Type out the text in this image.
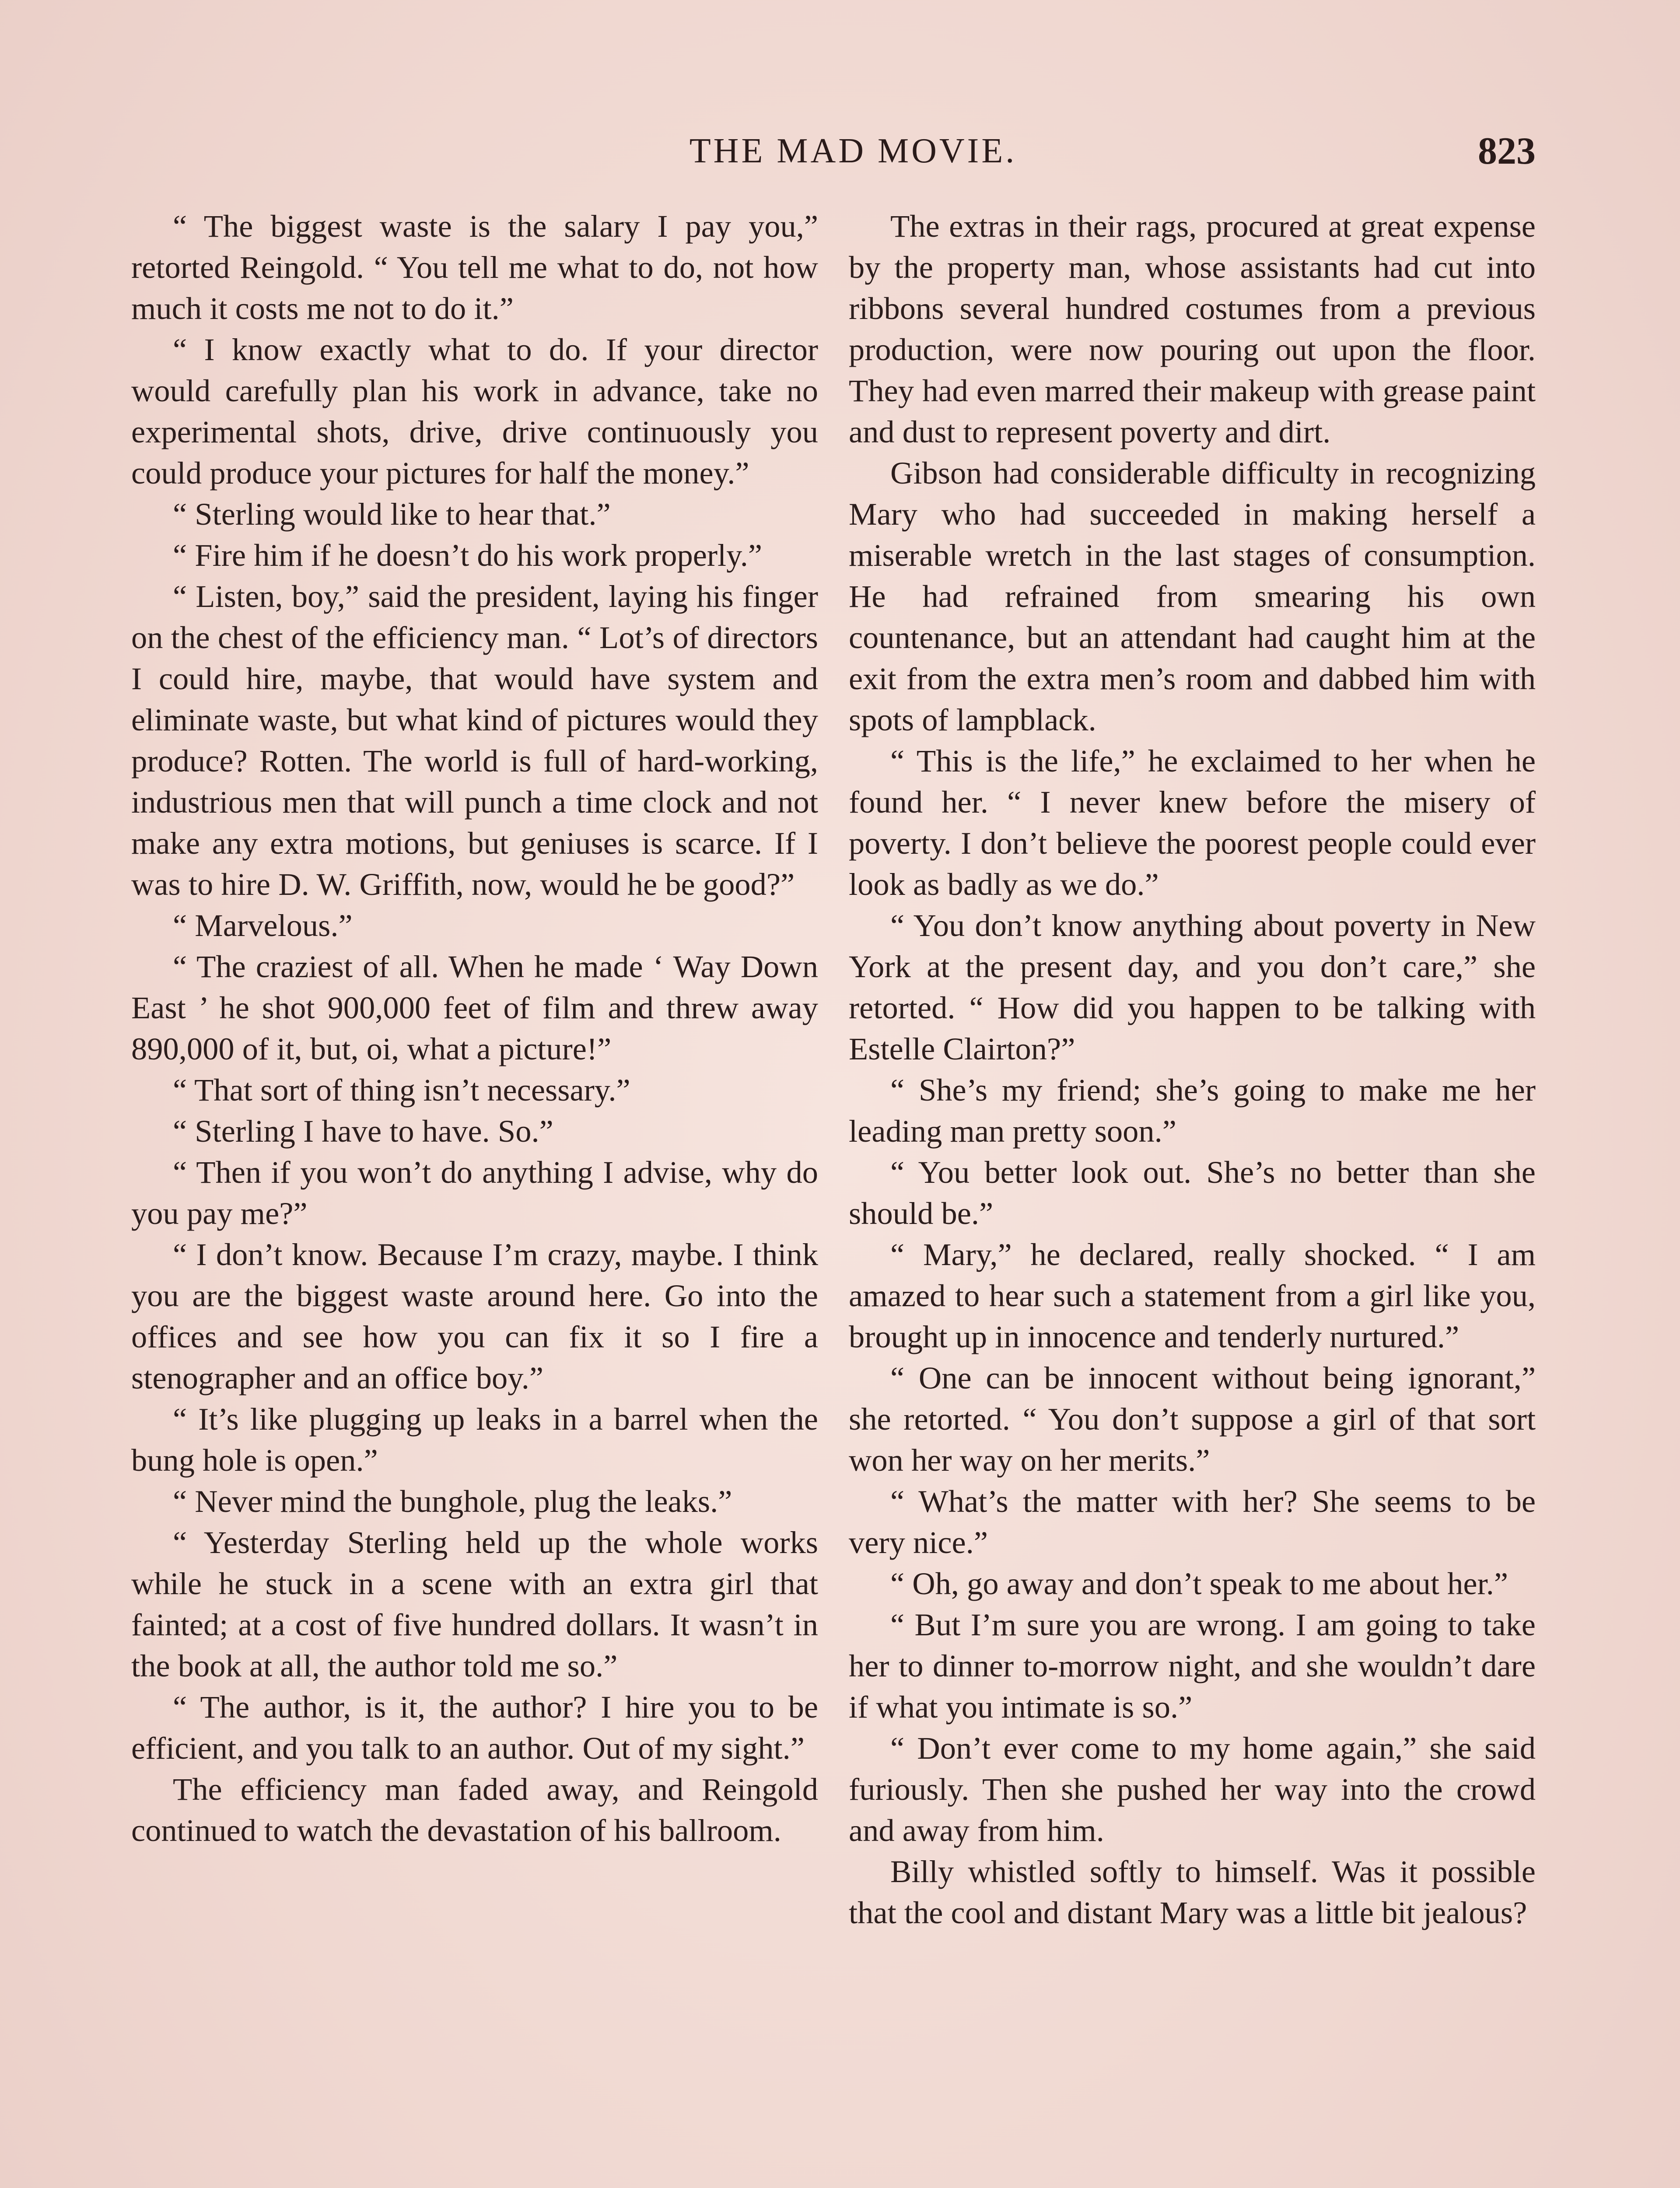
THE MAD MOVIE.	823

“ The biggest waste is the salary I pay you,” retorted Reingold. “ You tell me what to do, not how much it costs me not to do it.”

“ I know exactly what to do. If your director would carefully plan his work in advance, take no experimental shots, drive, drive continuously you could produce your pictures for half the money.”

“ Sterling would like to hear that.”

“ Fire him if he doesn’t do his work properly.”

“ Listen, boy,” said the president, laying his finger on the chest of the efficiency man. “ Lot’s of directors I could hire, maybe, that would have system and eliminate waste, but what kind of pictures would they produce? Rotten. The world is full of hard-working, industrious men that will punch a time clock and not make any extra motions, but geniuses is scarce. If I was to hire D. W. Griffith, now, would he be good?”

“ Marvelous.”

“ The craziest of all. When he made ‘ Way Down East ’ he shot 900,000 feet of film and threw away 890,000 of it, but, oi, what a picture!”

“ That sort of thing isn’t necessary.”

“ Sterling I have to have. So.”

“ Then if you won’t do anything I advise, why do you pay me?”

“ I don’t know. Because I’m crazy, maybe. I think you are the biggest waste around here. Go into the offices and see how you can fix it so I fire a stenographer and an office boy.”

“ It’s like plugging up leaks in a barrel when the bung hole is open.”

“ Never mind the bunghole, plug the leaks.”

“ Yesterday Sterling held up the whole works while he stuck in a scene with an extra girl that fainted; at a cost of five hundred dollars. It wasn’t in the book at all, the author told me so.”

“ The author, is it, the author? I hire you to be efficient, and you talk to an author. Out of my sight.”

The efficiency man faded away, and Reingold continued to watch the devastation of his ballroom.

The extras in their rags, procured at great expense by the property man, whose assistants had cut into ribbons several hundred costumes from a previous production, were now pouring out upon the floor. They had even marred their makeup with grease paint and dust to represent poverty and dirt.

Gibson had considerable difficulty in recognizing Mary who had succeeded in making herself a miserable wretch in the last stages of consumption. He had refrained from smearing his own countenance, but an attendant had caught him at the exit from the extra men’s room and dabbed him with spots of lampblack.

“ This is the life,” he exclaimed to her when he found her. “ I never knew before the misery of poverty. I don’t believe the poorest people could ever look as badly as we do.”

“ You don’t know anything about poverty in New York at the present day, and you don’t care,” she retorted. “ How did you happen to be talking with Estelle Clairton?”

“ She’s my friend; she’s going to make me her leading man pretty soon.”

“ You better look out. She’s no better than she should be.”

“ Mary,” he declared, really shocked. “ I am amazed to hear such a statement from a girl like you, brought up in innocence and tenderly nurtured.”

“ One can be innocent without being ignorant,” she retorted. “ You don’t suppose a girl of that sort won her way on her merits.”

“ What’s the matter with her? She seems to be very nice.”

“ Oh, go away and don’t speak to me about her.”

“ But I’m sure you are wrong. I am going to take her to dinner to-morrow night, and she wouldn’t dare if what you intimate is so.”

“ Don’t ever come to my home again,” she said furiously. Then she pushed her way into the crowd and away from him.

Billy whistled softly to himself. Was it possible that the cool and distant Mary was a little bit jealous?
